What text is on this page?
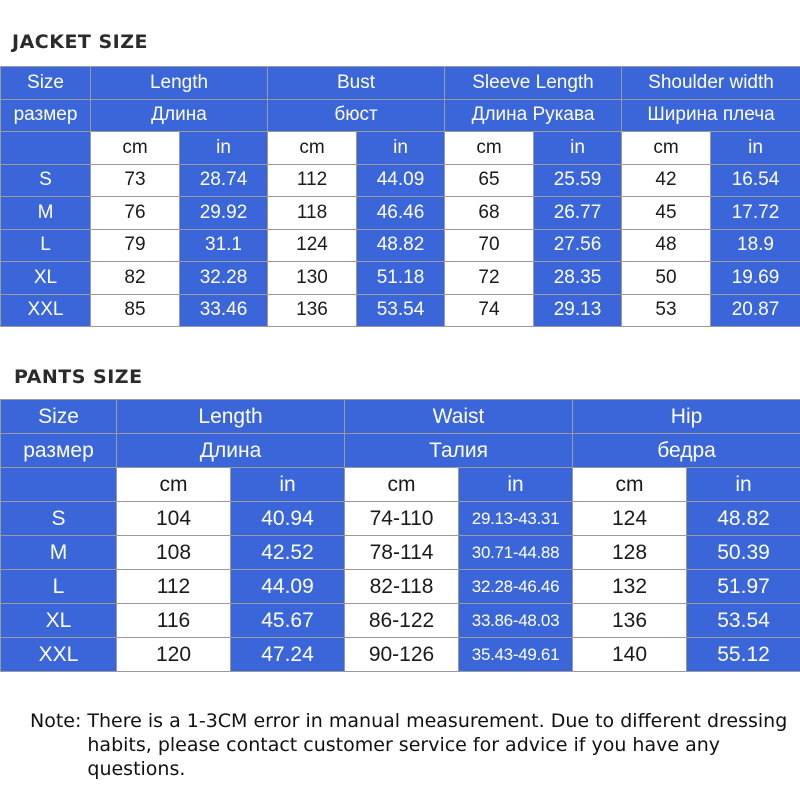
JACKET SIZE
Size	Length		Bust		Sleeve Length		Shoulder width	
размер	Длина		бюст		Длина Рукава		Ширина плеча	
	cm	in	cm	in	cm	in	cm	in
S	73	28.74	112	44.09	65	25.59	42	16.54
M	76	29.92	118	46.46	68	26.77	45	17.72
L	79	31.1	124	48.82	70	27.56	48	18.9
XL	82	32.28	130	51.18	72	28.35	50	19.69
XXL	85	33.46	136	53.54	74	29.13	53	20.87
PANTS SIZE
Size	Length		Waist		Hip	
размер	Длина		Талия		бедра	
	cm	in	cm	in	cm	in
S	104	40.94	74-110	29.13-43.31	124	48.82
M	108	42.52	78-114	30.71-44.88	128	50.39
L	112	44.09	82-118	32.28-46.46	132	51.97
XL	116	45.67	86-122	33.86-48.03	136	53.54
XXL	120	47.24	90-126	35.43-49.61	140	55.12
Note: There is a 1-3CM error in manual measurement. Due to different dressing habits, please contact customer service for advice if you have any questions.
